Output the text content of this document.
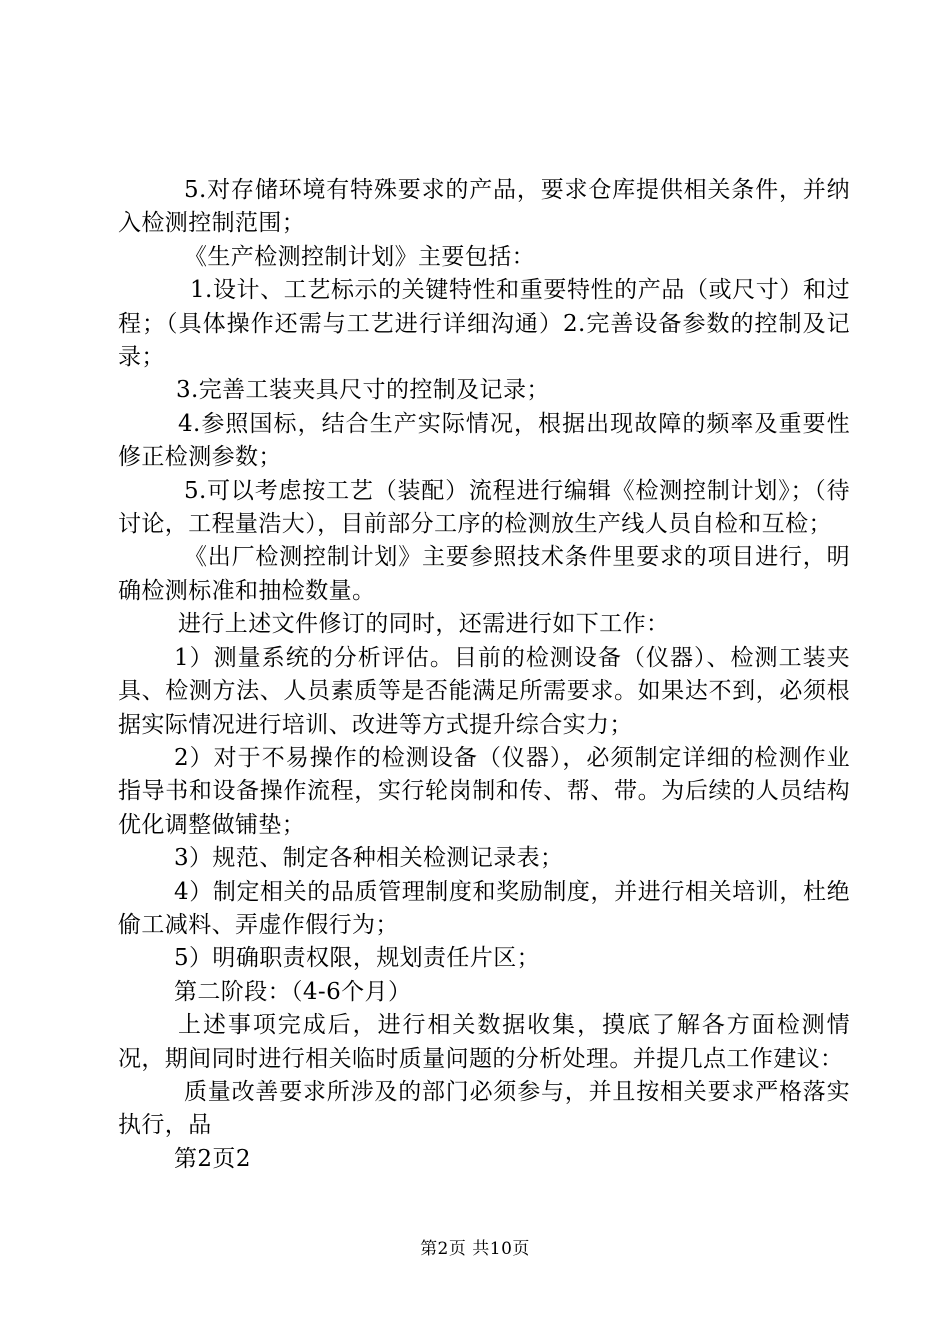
5.对存储环境有特殊要求的产品，要求仓库提供相关条件，并纳入检测控制范围；

《生产检测控制计划》主要包括：

1.设计、工艺标示的关键特性和重要特性的产品（或尺寸）和过程；（具体操作还需与工艺进行详细沟通）2.完善设备参数的控制及记录；

3.完善工装夹具尺寸的控制及记录；

4.参照国标，结合生产实际情况，根据出现故障的频率及重要性修正检测参数；

5.可以考虑按工艺（装配）流程进行编辑《检测控制计划》；（待讨论，工程量浩大），目前部分工序的检测放生产线人员自检和互检；

《出厂检测控制计划》主要参照技术条件里要求的项目进行，明确检测标准和抽检数量。

进行上述文件修订的同时，还需进行如下工作：

1）测量系统的分析评估。目前的检测设备（仪器）、检测工装夹具、检测方法、人员素质等是否能满足所需要求。如果达不到，必须根据实际情况进行培训、改进等方式提升综合实力；

2）对于不易操作的检测设备（仪器），必须制定详细的检测作业指导书和设备操作流程，实行轮岗制和传、帮、带。为后续的人员结构优化调整做铺垫；

3）规范、制定各种相关检测记录表；

4）制定相关的品质管理制度和奖励制度，并进行相关培训，杜绝偷工减料、弄虚作假行为；

5）明确职责权限，规划责任片区；

第二阶段：（4-6个月）

上述事项完成后，进行相关数据收集，摸底了解各方面检测情况，期间同时进行相关临时质量问题的分析处理。并提几点工作建议：

质量改善要求所涉及的部门必须参与，并且按相关要求严格落实执行，品

第2页2

第2页 共10页
